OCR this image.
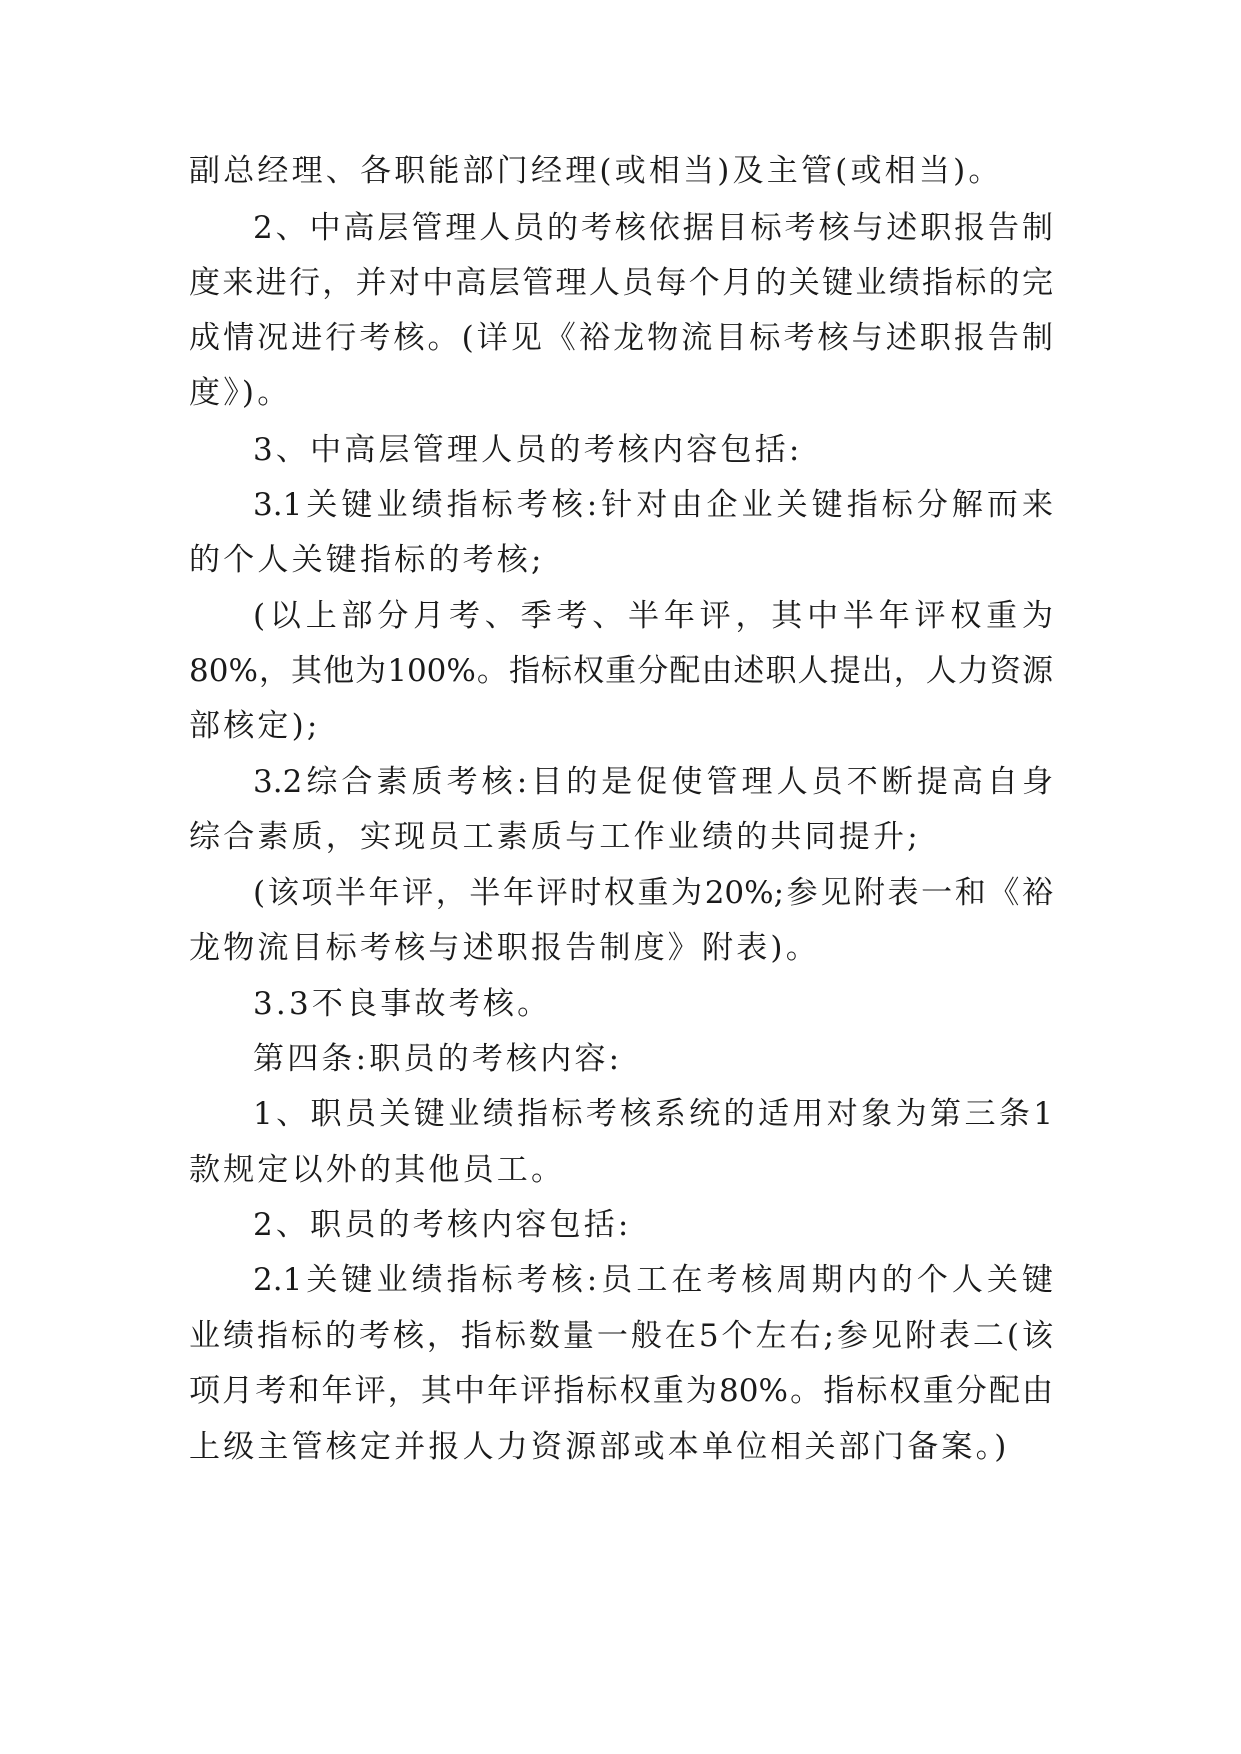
副总经理、各职能部门经理(或相当)及主管(或相当)。

2、中高层管理人员的考核依据目标考核与述职报告制

度来进行，并对中高层管理人员每个月的关键业绩指标的完

成情况进行考核。(详见《裕龙物流目标考核与述职报告制

度》)。

3、中高层管理人员的考核内容包括:

3.1关键业绩指标考核:针对由企业关键指标分解而来

的个人关键指标的考核;

(以上部分月考、季考、半年评，其中半年评权重为

80%，其他为100%。指标权重分配由述职人提出，人力资源

部核定);

3.2综合素质考核:目的是促使管理人员不断提高自身

综合素质，实现员工素质与工作业绩的共同提升;

(该项半年评，半年评时权重为20%;参见附表一和《裕

龙物流目标考核与述职报告制度》附表)。

3.3不良事故考核。

第四条:职员的考核内容:

1、职员关键业绩指标考核系统的适用对象为第三条1

款规定以外的其他员工。

2、职员的考核内容包括:

2.1关键业绩指标考核:员工在考核周期内的个人关键

业绩指标的考核，指标数量一般在5个左右;参见附表二(该

项月考和年评，其中年评指标权重为80%。指标权重分配由

上级主管核定并报人力资源部或本单位相关部门备案。)
